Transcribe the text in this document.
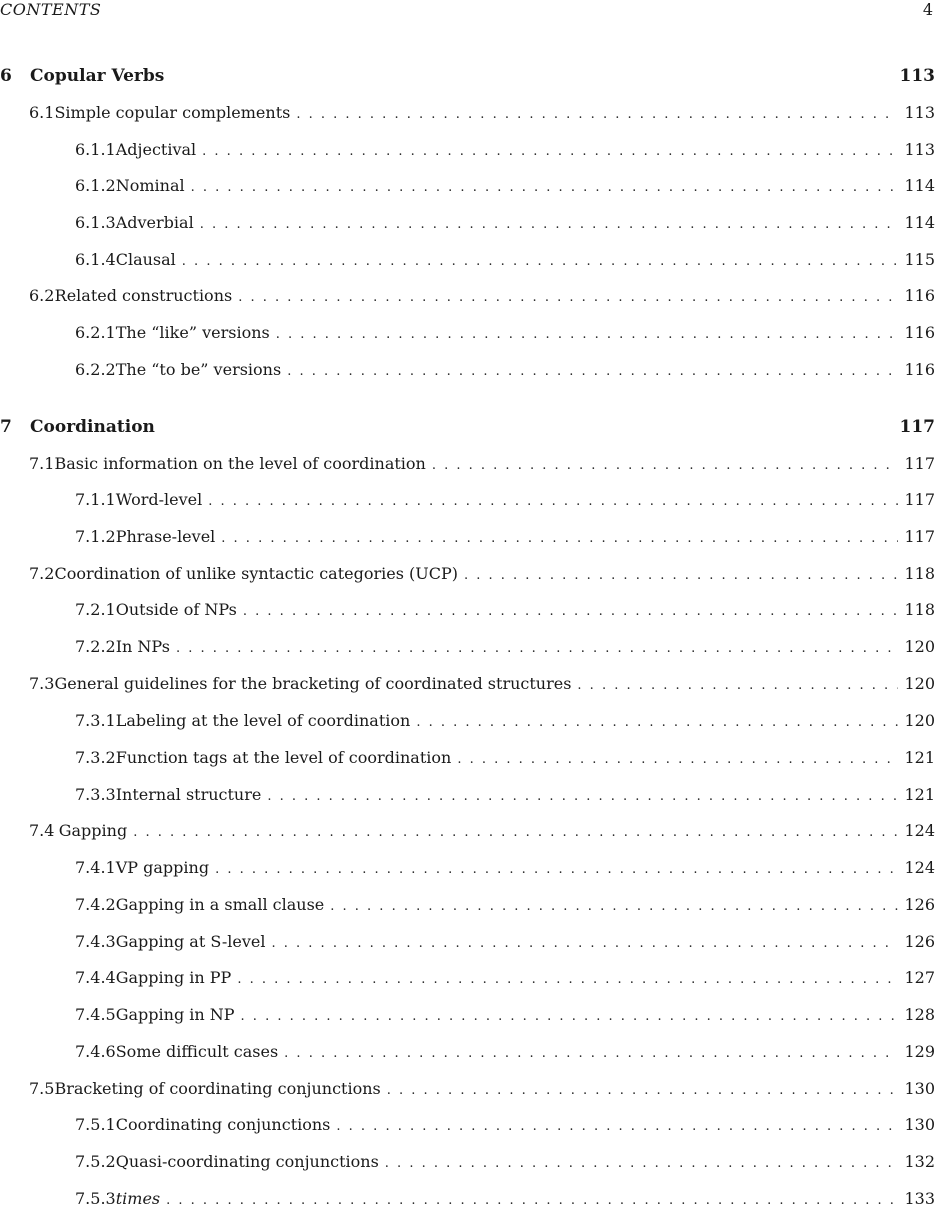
CONTENTS	4
6	Copular Verbs	113
6.1 Simple copular complements . . .	113
6.1.1 Adjectival . . .	113
6.1.2 Nominal . . .	114
6.1.3 Adverbial . . .	114
6.1.4 Clausal . . .	115
6.2 Related constructions . . .	116
6.2.1 The “like” versions . . .	116
6.2.2 The “to be” versions . . .	116
7	Coordination	117
7.1 Basic information on the level of coordination . . .	117
7.1.1 Word-level . . .	117
7.1.2 Phrase-level . . .	117
7.2 Coordination of unlike syntactic categories (UCP) . . .	118
7.2.1 Outside of NPs . . .	118
7.2.2 In NPs . . .	120
7.3 General guidelines for the bracketing of coordinated structures . . .	120
7.3.1 Labeling at the level of coordination . . .	120
7.3.2 Function tags at the level of coordination . . .	121
7.3.3 Internal structure . . .	121
7.4 Gapping . . .	124
7.4.1 VP gapping . . .	124
7.4.2 Gapping in a small clause . . .	126
7.4.3 Gapping at S-level . . .	126
7.4.4 Gapping in PP . . .	127
7.4.5 Gapping in NP . . .	128
7.4.6 Some difficult cases . . .	129
7.5 Bracketing of coordinating conjunctions . . .	130
7.5.1 Coordinating conjunctions . . .	130
7.5.2 Quasi-coordinating conjunctions . . .	132
7.5.3 times . . .	133
